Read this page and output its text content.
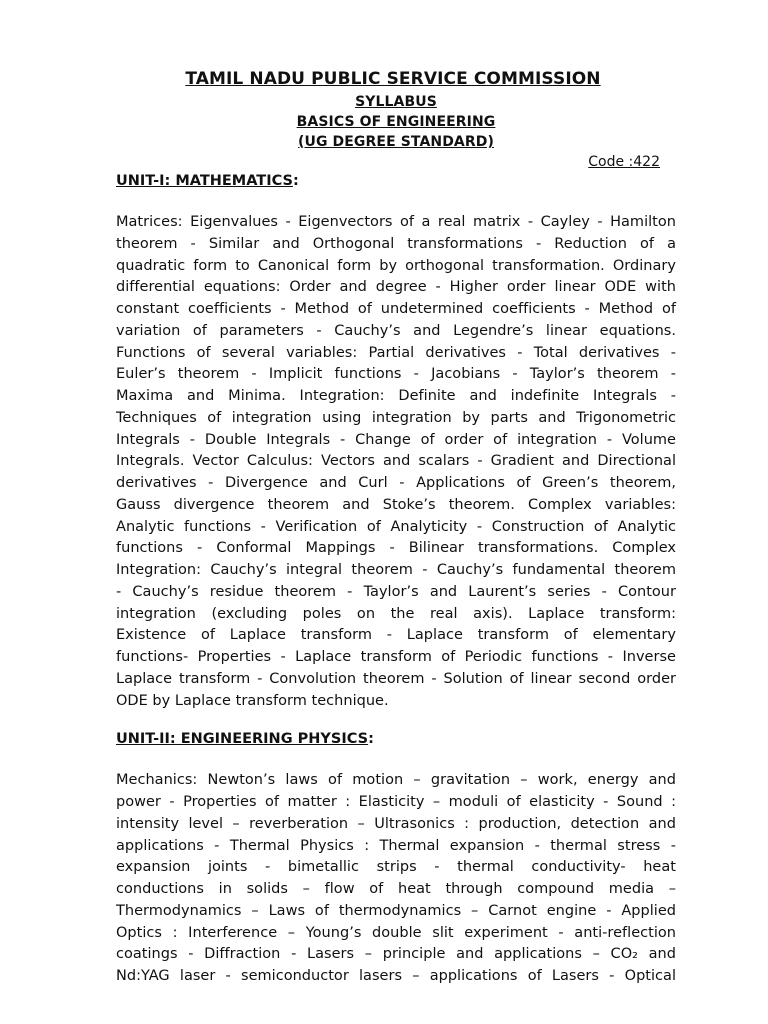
TAMIL NADU PUBLIC SERVICE COMMISSION
SYLLABUS
BASICS OF ENGINEERING
(UG DEGREE STANDARD)
Code :422
UNIT-I: MATHEMATICS:
Matrices: Eigenvalues - Eigenvectors of a real matrix - Cayley - Hamilton
theorem - Similar and Orthogonal transformations - Reduction of a
quadratic form to Canonical form by orthogonal transformation. Ordinary
differential equations: Order and degree - Higher order linear ODE with
constant coefficients - Method of undetermined coefficients - Method of
variation of parameters - Cauchy’s and Legendre’s linear equations.
Functions of several variables: Partial derivatives - Total derivatives -
Euler’s theorem - Implicit functions - Jacobians - Taylor’s theorem -
Maxima and Minima. Integration: Definite and indefinite Integrals -
Techniques of integration using integration by parts and Trigonometric
Integrals - Double Integrals - Change of order of integration - Volume
Integrals. Vector Calculus: Vectors and scalars - Gradient and Directional
derivatives - Divergence and Curl - Applications of Green’s theorem,
Gauss divergence theorem and Stoke’s theorem. Complex variables:
Analytic functions - Verification of Analyticity - Construction of Analytic
functions - Conformal Mappings - Bilinear transformations. Complex
Integration: Cauchy’s integral theorem - Cauchy’s fundamental theorem
- Cauchy’s residue theorem - Taylor’s and Laurent’s series - Contour
integration (excluding poles on the real axis). Laplace transform:
Existence of Laplace transform - Laplace transform of elementary
functions- Properties - Laplace transform of Periodic functions - Inverse
Laplace transform - Convolution theorem - Solution of linear second order
ODE by Laplace transform technique.
UNIT-II: ENGINEERING PHYSICS:
Mechanics: Newton’s laws of motion – gravitation – work, energy and
power - Properties of matter : Elasticity – moduli of elasticity - Sound :
intensity level – reverberation – Ultrasonics : production, detection and
applications - Thermal Physics : Thermal expansion - thermal stress -
expansion joints - bimetallic strips - thermal conductivity- heat
conductions in solids – flow of heat through compound media –
Thermodynamics – Laws of thermodynamics – Carnot engine - Applied
Optics : Interference – Young’s double slit experiment - anti-reflection
coatings - Diffraction - Lasers – principle and applications – CO₂ and
Nd:YAG laser - semiconductor lasers – applications of Lasers - Optical
